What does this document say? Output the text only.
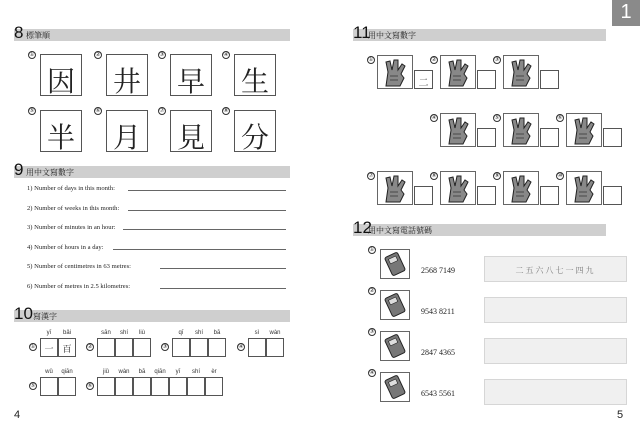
8 標筆順
①
因
②
井
③
早
④
生
⑤
半
⑥
月
⑦
見
⑧
分
9 用中文寫數字
1) Number of days in this month:
2) Number of weeks in this month:
3) Number of minutes in an hour:
4) Number of hours in a day:
5) Number of centimetres in 63 metres:
6) Number of metres in 2.5 kilometres:
10 寫漢字
①
yī
一
bǎi
百	②
sān	shí	liù
③
qī	shí	bā
④
sì	wàn
⑤
wǔ	qiān
⑥
jiǔ	wàn	bā	qiān	yī	shí	èr
4
1
11
用中文寫數字
①
二
②	③
④	⑤	⑥
⑦	⑧	⑨	⑩
12
用中文寫電話號碼
①
2568 7149	二五六八七一四九
②
9543 8211
③
2847 4365
④
6543 5561
5
